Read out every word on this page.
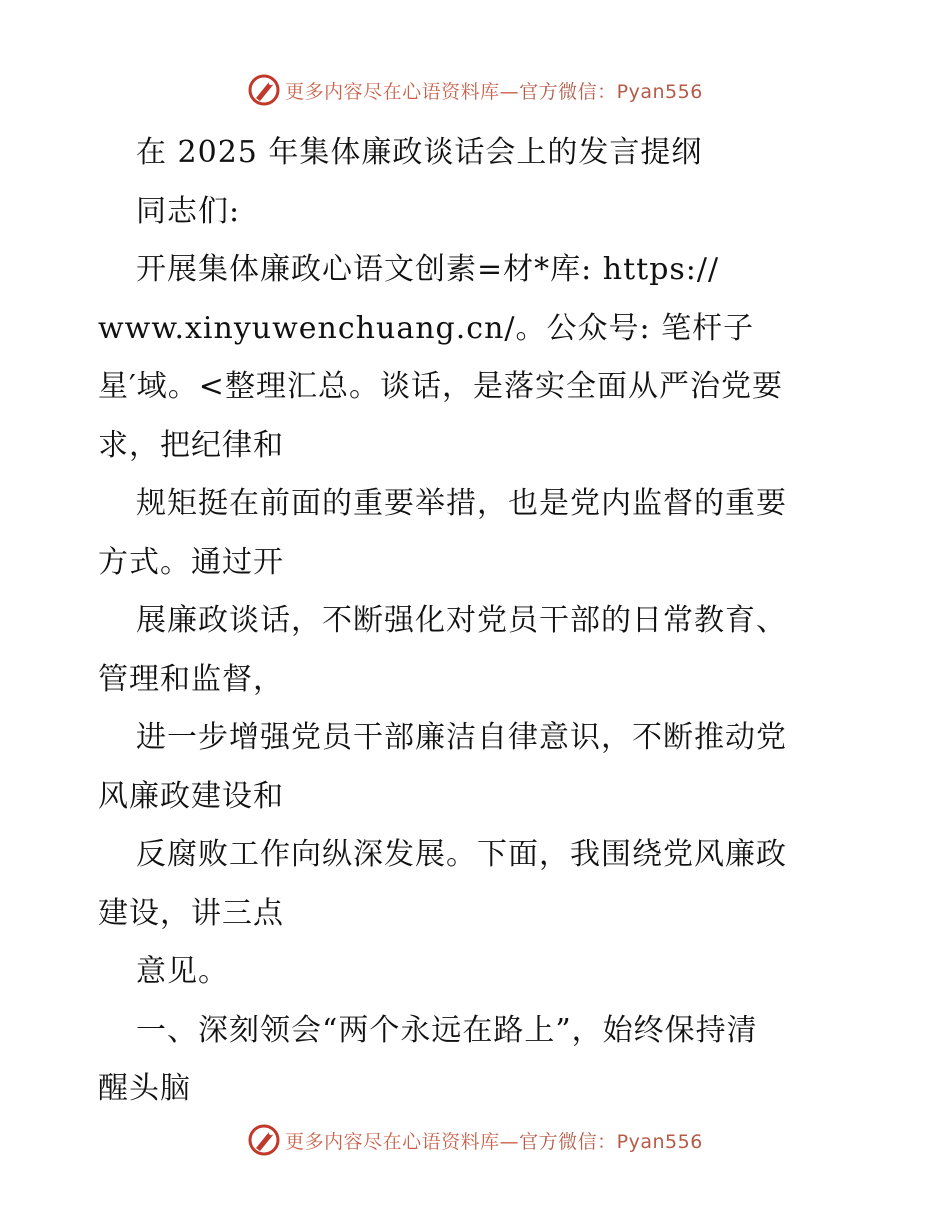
更多内容尽在心语资料库—官方微信：Pyan556
在 2025 年集体廉政谈话会上的发言提纲
同志们:
开展集体廉政心语文创素=材*库: https://
www.xinyuwenchuang.cn/。公众号: 笔杆子
星′域。<整理汇总。谈话，是落实全面从严治党要
求，把纪律和
规矩挺在前面的重要举措，也是党内监督的重要
方式。通过开
展廉政谈话，不断强化对党员干部的日常教育、
管理和监督，
进一步增强党员干部廉洁自律意识，不断推动党
风廉政建设和
反腐败工作向纵深发展。下面，我围绕党风廉政
建设，讲三点
意见。
一、深刻领会“两个永远在路上”，始终保持清
醒头脑
更多内容尽在心语资料库—官方微信：Pyan556
